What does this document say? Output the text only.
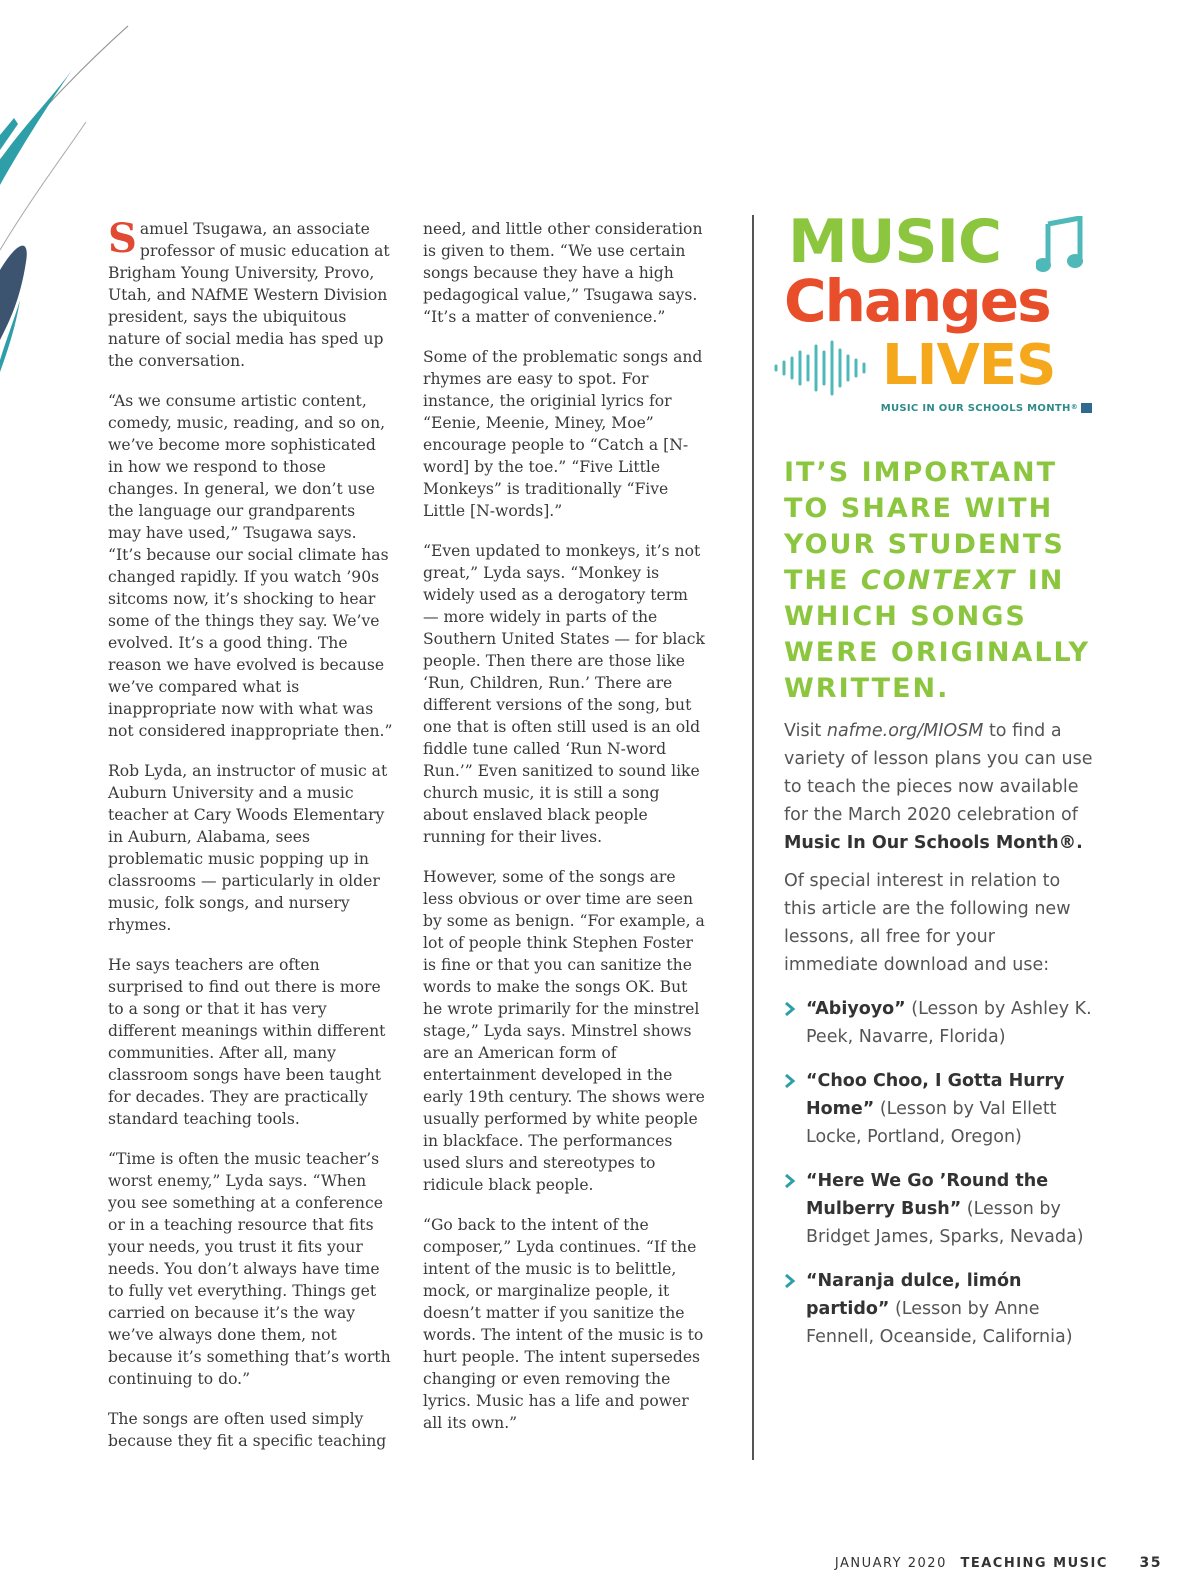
Samuel Tsugawa, an associate professor of music education at Brigham Young University, Provo, Utah, and NAfME Western Division president, says the ubiquitous nature of social media has sped up the conversation.

“As we consume artistic content, comedy, music, reading, and so on, we’ve become more sophisticated in how we respond to those changes. In general, we don’t use the language our grandparents may have used,” Tsugawa says. “It’s because our social climate has changed rapidly. If you watch ’90s sitcoms now, it’s shocking to hear some of the things they say. We’ve evolved. It’s a good thing. The reason we have evolved is because we’ve compared what is inappropriate now with what was not considered inappropriate then.”

Rob Lyda, an instructor of music at Auburn University and a music teacher at Cary Woods Elementary in Auburn, Alabama, sees problematic music popping up in classrooms — particularly in older music, folk songs, and nursery rhymes.

He says teachers are often surprised to find out there is more to a song or that it has very different meanings within different communities. After all, many classroom songs have been taught for decades. They are practically standard teaching tools.

“Time is often the music teacher’s worst enemy,” Lyda says. “When you see something at a conference or in a teaching resource that fits your needs, you trust it fits your needs. You don’t always have time to fully vet everything. Things get carried on because it’s the way we’ve always done them, not because it’s something that’s worth continuing to do.”

The songs are often used simply because they fit a specific teaching

need, and little other consideration is given to them. “We use certain songs because they have a high pedagogical value,” Tsugawa says. “It’s a matter of convenience.”

Some of the problematic songs and rhymes are easy to spot. For instance, the originial lyrics for “Eenie, Meenie, Miney, Moe” encourage people to “Catch a [N-word] by the toe.” “Five Little Monkeys” is traditionally “Five Little [N-words].”

“Even updated to monkeys, it’s not great,” Lyda says. “Monkey is widely used as a derogatory term — more widely in parts of the Southern United States — for black people. Then there are those like ‘Run, Children, Run.’ There are different versions of the song, but one that is often still used is an old fiddle tune called ‘Run N-word Run.’” Even sanitized to sound like church music, it is still a song about enslaved black people running for their lives.

However, some of the songs are less obvious or over time are seen by some as benign. “For example, a lot of people think Stephen Foster is fine or that you can sanitize the words to make the songs OK. But he wrote primarily for the minstrel stage,” Lyda says. Minstrel shows are an American form of entertainment developed in the early 19th century. The shows were usually performed by white people in blackface. The performances used slurs and stereotypes to ridicule black people.

“Go back to the intent of the composer,” Lyda continues. “If the intent of the music is to belittle, mock, or marginalize people, it doesn’t matter if you sanitize the words. The intent of the music is to hurt people. The intent supersedes changing or even removing the lyrics. Music has a life and power all its own.”

MUSIC
Changes
LIVES
MUSIC IN OUR SCHOOLS MONTH®
IT’S IMPORTANT TO SHARE WITH YOUR STUDENTS THE CONTEXT IN WHICH SONGS WERE ORIGINALLY WRITTEN.

Visit nafme.org/MIOSM to find a variety of lesson plans you can use to teach the pieces now available for the March 2020 celebration of Music In Our Schools Month®.

Of special interest in relation to this article are the following new lessons, all free for your immediate download and use:

“Abiyoyo” (Lesson by Ashley K. Peek, Navarre, Florida)
“Choo Choo, I Gotta Hurry Home” (Lesson by Val Ellett Locke, Portland, Oregon)
“Here We Go ’Round the Mulberry Bush” (Lesson by Bridget James, Sparks, Nevada)
“Naranja dulce, limón partido” (Lesson by Anne Fennell, Oceanside, California)
JANUARY 2020 TEACHING MUSIC 35
